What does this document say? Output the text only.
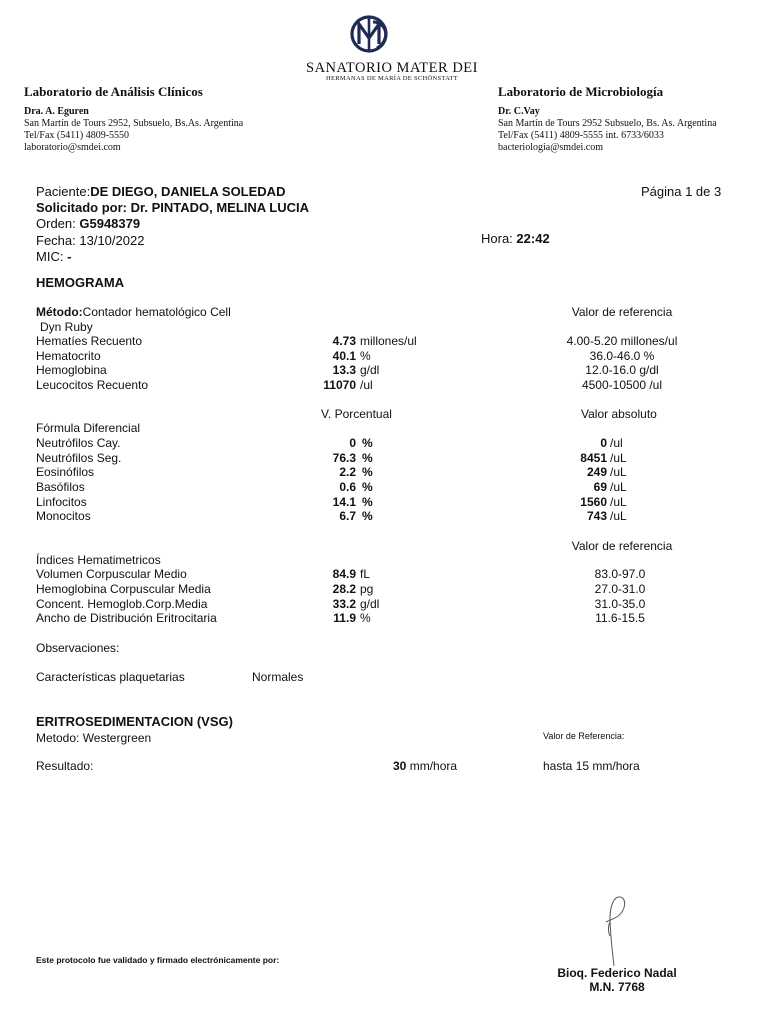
SANATORIO MATER DEI
HERMANAS DE MARÍA DE SCHÖNSTATT
Laboratorio de Análisis Clínicos
Dra. A. Eguren
San Martín de Tours 2952, Subsuelo, Bs.As. Argentina
Tel/Fax (5411) 4809-5550
laboratorio@smdei.com
Laboratorio de Microbiología
Dr. C.Vay
San Martín de Tours 2952 Subsuelo, Bs. As. Argentina
Tel/Fax (5411) 4809-5555 int. 6733/6033
bacteriologia@smdei.com
Paciente:DE DIEGO, DANIELA SOLEDAD	Página 1 de 3
Solicitado por: Dr. PINTADO, MELINA LUCIA
Orden: G5948379
Fecha: 13/10/2022	Hora: 22:42
MIC: -
HEMOGRAMA
Método:Contador hematológico Cell
Dyn Ruby
Valor de referencia
Hematíes Recuento	4.73 millones/ul	4.00-5.20 millones/ul
Hematocrito	40.1 %	36.0-46.0 %
Hemoglobina	13.3 g/dl	12.0-16.0 g/dl
Leucocitos Recuento	11070 /ul	4500-10500 /ul
V. Porcentual	Valor absoluto
Fórmula Diferencial
Neutrófilos Cay.	0 %	0 /ul
Neutrófilos Seg.	76.3 %	8451 /uL
Eosinófilos	2.2 %	249 /uL
Basófilos	0.6 %	69 /uL
Linfocitos	14.1 %	1560 /uL
Monocitos	6.7 %	743 /uL
Valor de referencia
Índices Hematimetricos
Volumen Corpuscular Medio	84.9 fL	83.0-97.0
Hemoglobina Corpuscular Media	28.2 pg	27.0-31.0
Concent. Hemoglob.Corp.Media	33.2 g/dl	31.0-35.0
Ancho de Distribución Eritrocitaria	11.9 %	11.6-15.5
Observaciones:
Características plaquetarias	Normales
ERITROSEDIMENTACION (VSG)
Metodo: Westergreen	Valor de Referencia:
Resultado:	30 mm/hora	hasta 15 mm/hora
Este protocolo fue validado y firmado electrónicamente por:
Bioq. Federico Nadal
M.N. 7768
